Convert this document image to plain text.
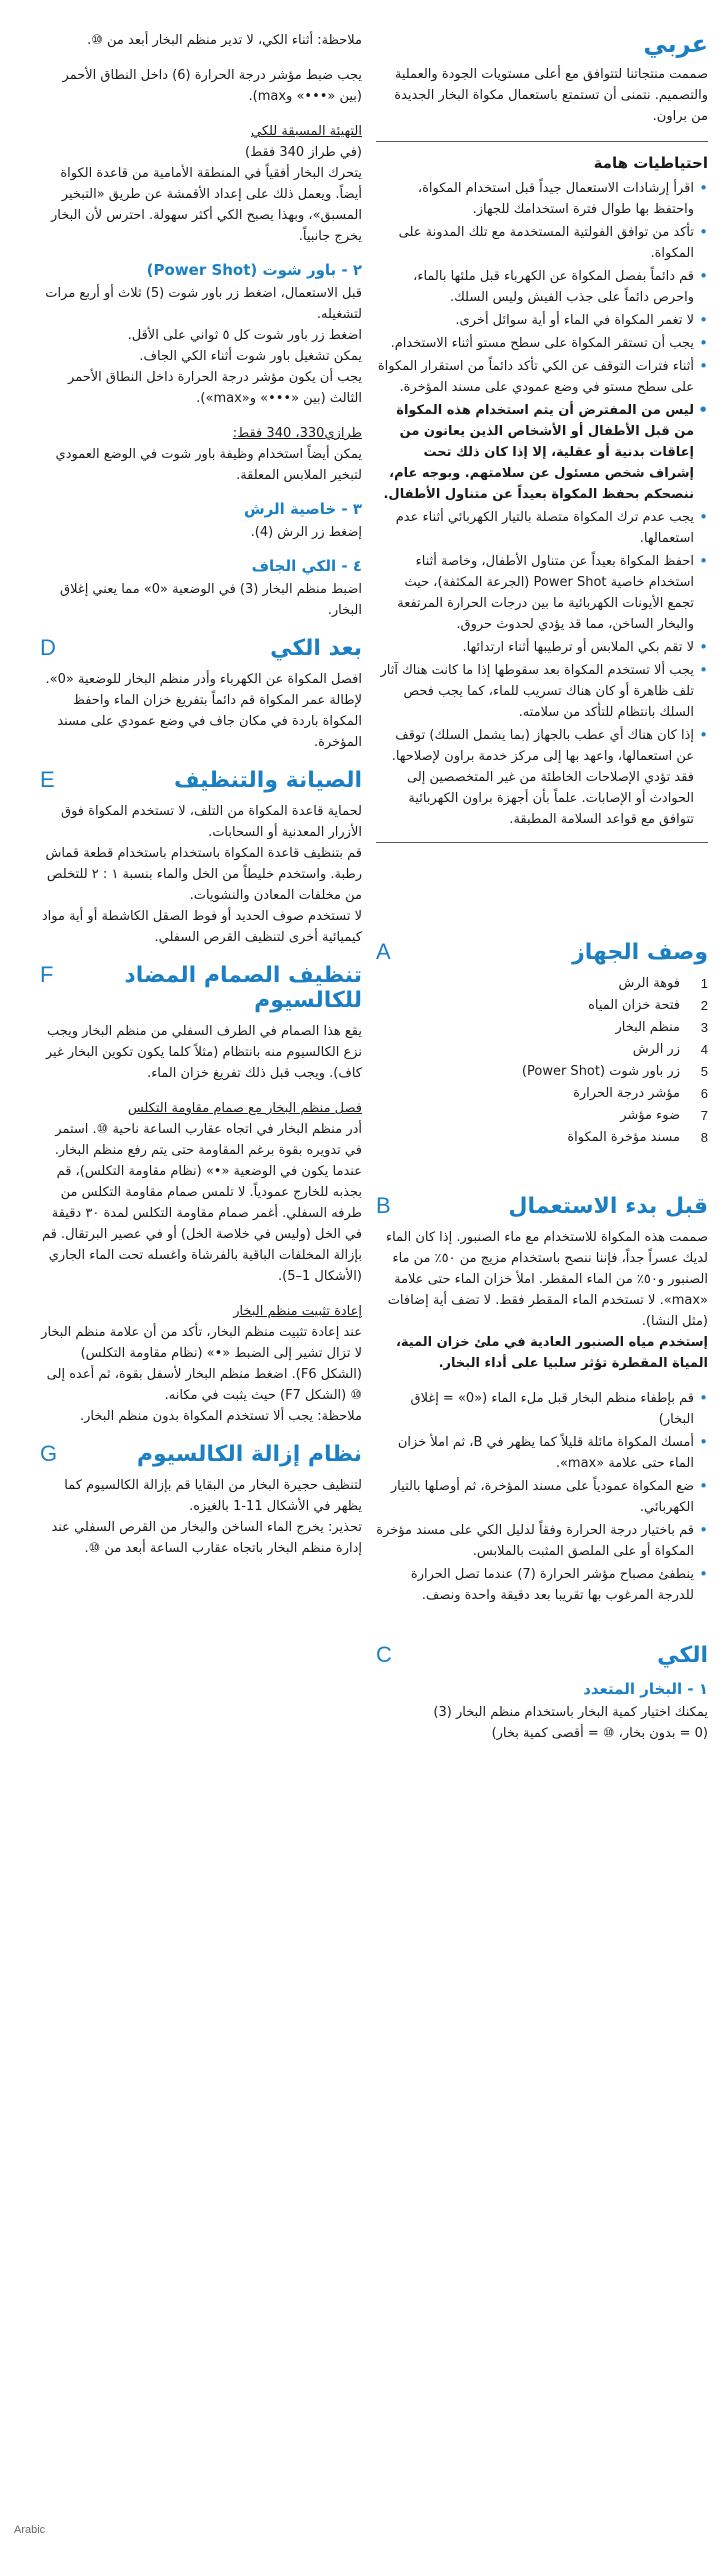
عربي

صممت منتجاتنا لتتوافق مع أعلى مستويات الجودة والعملية والتصميم. نتمنى أن تستمتع باستعمال مكواة البخار الجديدة من براون.

احتياطيات هامة
• اقرأ إرشادات الاستعمال جيداً قبل استخدام المكواة، واحتفظ بها طوال فترة استخدامك للجهاز.
• تأكد من توافق الفولتية المستخدمة مع تلك المدونة على المكواة.
• قم دائماً بفصل المكواة عن الكهرباء قبل ملئها بالماء، واحرص دائماً على جذب الفيش وليس السلك.
• لا تغمر المكواة في الماء أو أية سوائل أخرى.
• يجب أن تستقر المكواة على سطح مستو أثناء الاستخدام.
• أثناء فترات التوقف عن الكي تأكد دائماً من استقرار المكواة على سطح مستو في وضع عمودي على مسند المؤخرة.
• ليس من المفترض أن يتم استخدام هذه المكواة من قبل الأطفال أو الأشخاص الذين يعانون من إعاقات بدنية أو عقلية، إلا إذا كان ذلك تحت إشراف شخص مسئول عن سلامتهم. وبوجه عام، ننصحكم بحفظ المكواة بعيداً عن متناول الأطفال.
• يجب عدم ترك المكواة متصلة بالتيار الكهربائي أثناء عدم استعمالها.
• احفظ المكواة بعيداً عن متناول الأطفال، وخاصة أثناء استخدام خاصية Power Shot (الجرعة المكثفة)، حيث تجمع الأيونات الكهربائية ما بين درجات الحرارة المرتفعة والبخار الساخن، مما قد يؤدي لحدوث حروق.
• لا تقم بكي الملابس أو ترطيبها أثناء ارتدائها.
• يجب ألا تستخدم المكواة بعد سقوطها إذا ما كانت هناك آثار تلف ظاهرة أو كان هناك تسريب للماء، كما يجب فحص السلك بانتظام للتأكد من سلامته.
• إذا كان هناك أي عطب بالجهاز (بما يشمل السلك) توقف عن استعمالها، واعهد بها إلى مركز خدمة براون لإصلاحها. فقد تؤدي الإصلاحات الخاطئة من غير المتخصصين إلى الحوادث أو الإصابات. علماً بأن أجهزة براون الكهربائية تتوافق مع قواعد السلامة المطبقة.
وصف الجهاز
A
1
فوهة الرش
2
فتحة خزان المياه
3
منظم البخار
4
زر الرش
5
زر باور شوت (Power Shot)
6
مؤشر درجة الحرارة
7
ضوء مؤشر
8
مسند مؤخرة المكواة
قبل بدء الاستعمال
B

صممت هذه المكواة للاستخدام مع ماء الصنبور. إذا كان الماء لديك عسراً جداً، فإننا ننصح باستخدام مزيج من ٥٠٪ من ماء الصنبور و٥٠٪ من الماء المقطر. املأ خزان الماء حتى علامة «max». لا تستخدم الماء المقطر فقط. لا تضف أية إضافات (مثل النشا).

إستخدم مياه الصنبور العادية في ملئ خزان المية، المياة المقطرة تؤثر سلبيا على أداء البخار.

• قم بإطفاء منظم البخار قبل ملء الماء («0» = إغلاق البخار)
• أمسك المكواة مائلة قليلاً كما يظهر في B، ثم املأ خزان الماء حتى علامة «max».
• ضع المكواة عمودياً على مسند المؤخرة، ثم أوصلها بالتيار الكهربائي.
• قم باختيار درجة الحرارة وفقاً لدليل الكي على مسند مؤخرة المكواة أو على الملصق المثبت بالملابس.
• ينطفئ مصباح مؤشر الحرارة (7) عندما تصل الحرارة للدرجة المرغوب بها تقريبا بعد دقيقة واحدة ونصف.
الكي
C
١ - البخار المتعدد

يمكنك اختيار كمية البخار باستخدام منظم البخار (3)

(0 = بدون بخار، ⑩ = أقصى كمية بخار)

ملاحظة: أثناء الكي، لا تدير منظم البخار أبعد من ⑩.

يجب ضبط مؤشر درجة الحرارة (6) داخل النطاق الأحمر (بين «•••» وmax).

التهيئة المسبقة للكي

(في طراز 340 فقط)

يتحرك البخار أفقياً في المنطقة الأمامية من قاعدة الكواة أيضاً. ويعمل ذلك على إعداد الأقمشة عن طريق «التبخير المسبق»، وبهذا يصبح الكي أكثر سهولة. احترس لأن البخار يخرج جانبياً.

٢ - باور شوت (Power Shot)

قبل الاستعمال، اضغط زر باور شوت (5) ثلاث أو أربع مرات لتشغيله.

اضغط زر باور شوت كل ٥ ثواني على الأقل.

يمكن تشغيل باور شوت أثناء الكي الجاف.

يجب أن يكون مؤشر درجة الحرارة داخل النطاق الأحمر الثالث (بين «•••» و«max»).

طرازي330، 340 فقط:

يمكن أيضاً استخدام وظيفة باور شوت في الوضع العمودي لتبخير الملابس المعلقة.

٣ - خاصية الرش

إضغط زر الرش (4).

٤ - الكي الجاف

اضبط منظم البخار (3) في الوضعية «0» مما يعني إغلاق البخار.

بعد الكي
D

افصل المكواة عن الكهرباء وأدر منظم البخار للوضعية «0». لإطالة عمر المكواة قم دائماً بتفريغ خزان الماء واحفظ المكواة باردة في مكان جاف في وضع عمودي على مسند المؤخرة.

الصيانة والتنظيف
E

لحماية قاعدة المكواة من التلف، لا تستخدم المكواة فوق الأزرار المعدنية أو السحابات.

قم بتنظيف قاعدة المكواة باستخدام باستخدام قطعة قماش رطبة. واستخدم خليطاً من الخل والماء بنسبة ١ : ٢ للتخلص من مخلفات المعادن والنشويات.

لا تستخدم صوف الحديد أو فوط الصقل الكاشطة أو أية مواد كيميائية أخرى لتنظيف القرص السفلي.

تنظيف الصمام المضاد للكالسيوم
F

يقع هذا الصمام في الطرف السفلي من منظم البخار ويجب نزع الكالسيوم منه بانتظام (مثلاً كلما يكون تكوين البخار غير كاف). ويجب قبل ذلك تفريغ خزان الماء.

فصل منظم البخار مع صمام مقاومة التكلس

أدر منظم البخار في اتجاه عقارب الساعة ناحية ⑩. استمر في تدويره بقوة برغم المقاومة حتى يتم رفع منظم البخار. عندما يكون في الوضعية «•» (نظام مقاومة التكلس)، قم بجذبه للخارج عمودياً. لا تلمس صمام مقاومة التكلس من طرفه السفلي. أغمر صمام مقاومة التكلس لمدة ٣٠ دقيقة في الخل (وليس في خلاصة الخل) أو في عصير البرتقال. قم بإزالة المخلفات الباقية بالفرشاة واغسله تحت الماء الجاري (الأشكال 1–5).

إعادة تثبيت منظم البخار

عند إعادة تثبيت منظم البخار، تأكد من أن علامة منظم البخار لا تزال تشير إلى الضبط «•» (نظام مقاومة التكلس) (الشكل F6). اضغط منظم البخار لأسفل بقوة، ثم أعده إلى ⑩ (الشكل F7) حيث يثبت في مكانه.

ملاحظة: يجب ألا تستخدم المكواة بدون منظم البخار.

نظام إزالة الكالسيوم
G

لتنظيف حجيرة البخار من البقايا قم بإزالة الكالسيوم كما يظهر في الأشكال 11-1 بالغيزه.

تحذير: يخرج الماء الساخن والبخار من القرص السفلي عند إدارة منظم البخار باتجاه عقارب الساعة أبعد من ⑩.

Arabic
